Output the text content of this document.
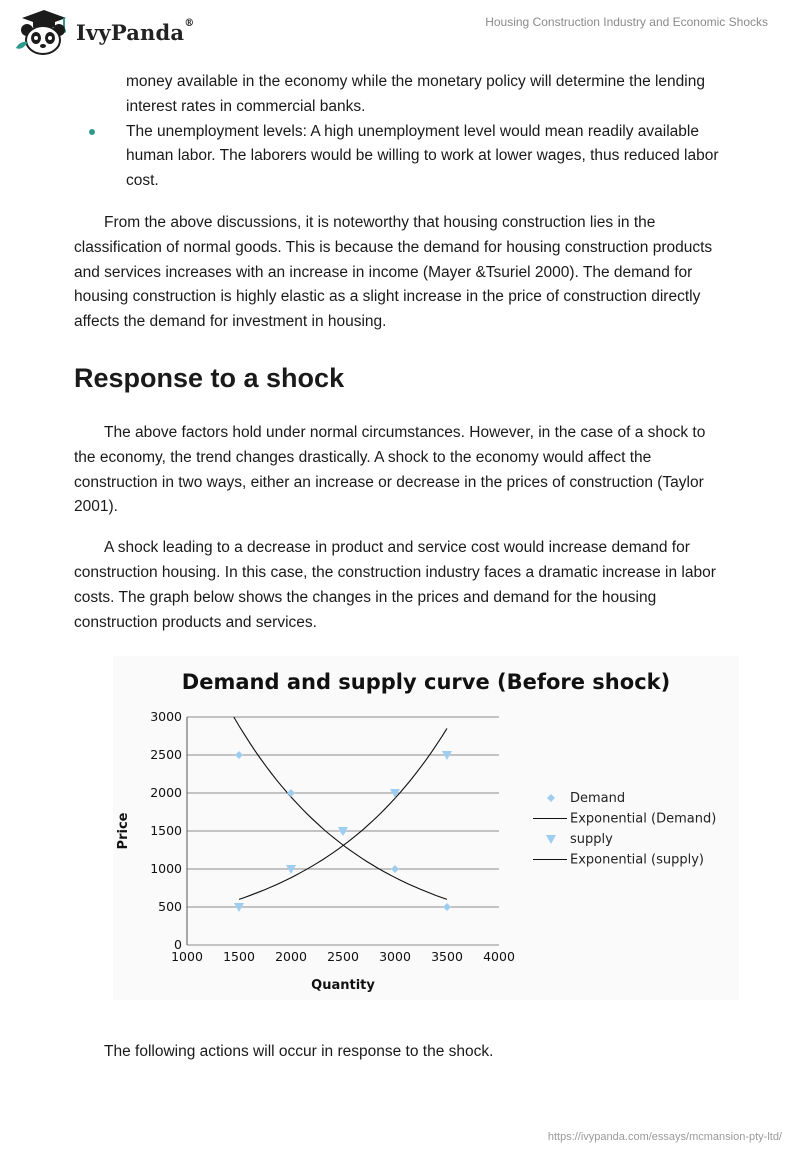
IvyPanda®	Housing Construction Industry and Economic Shocks
money available in the economy while the monetary policy will determine the lending interest rates in commercial banks.
The unemployment levels: A high unemployment level would mean readily available human labor. The laborers would be willing to work at lower wages, thus reduced labor cost.

From the above discussions, it is noteworthy that housing construction lies in the classification of normal goods. This is because the demand for housing construction products and services increases with an increase in income (Mayer &Tsuriel 2000). The demand for housing construction is highly elastic as a slight increase in the price of construction directly affects the demand for investment in housing.

Response to a shock

The above factors hold under normal circumstances. However, in the case of a shock to the economy, the trend changes drastically. A shock to the economy would affect the construction in two ways, either an increase or decrease in the prices of construction (Taylor 2001).

A shock leading to a decrease in product and service cost would increase demand for construction housing. In this case, the construction industry faces a dramatic increase in labor costs. The graph below shows the changes in the prices and demand for the housing construction products and services.

Demand and supply curve (Before shock)
0
500
1000
1500
2000
2500
3000
1000 1500 2000 2500 3000 3500 4000
Quantity
Price
Demand
Exponential (Demand)
supply
Exponential (supply)
The following actions will occur in response to the shock.
https://ivypanda.com/essays/mcmansion-pty-ltd/
